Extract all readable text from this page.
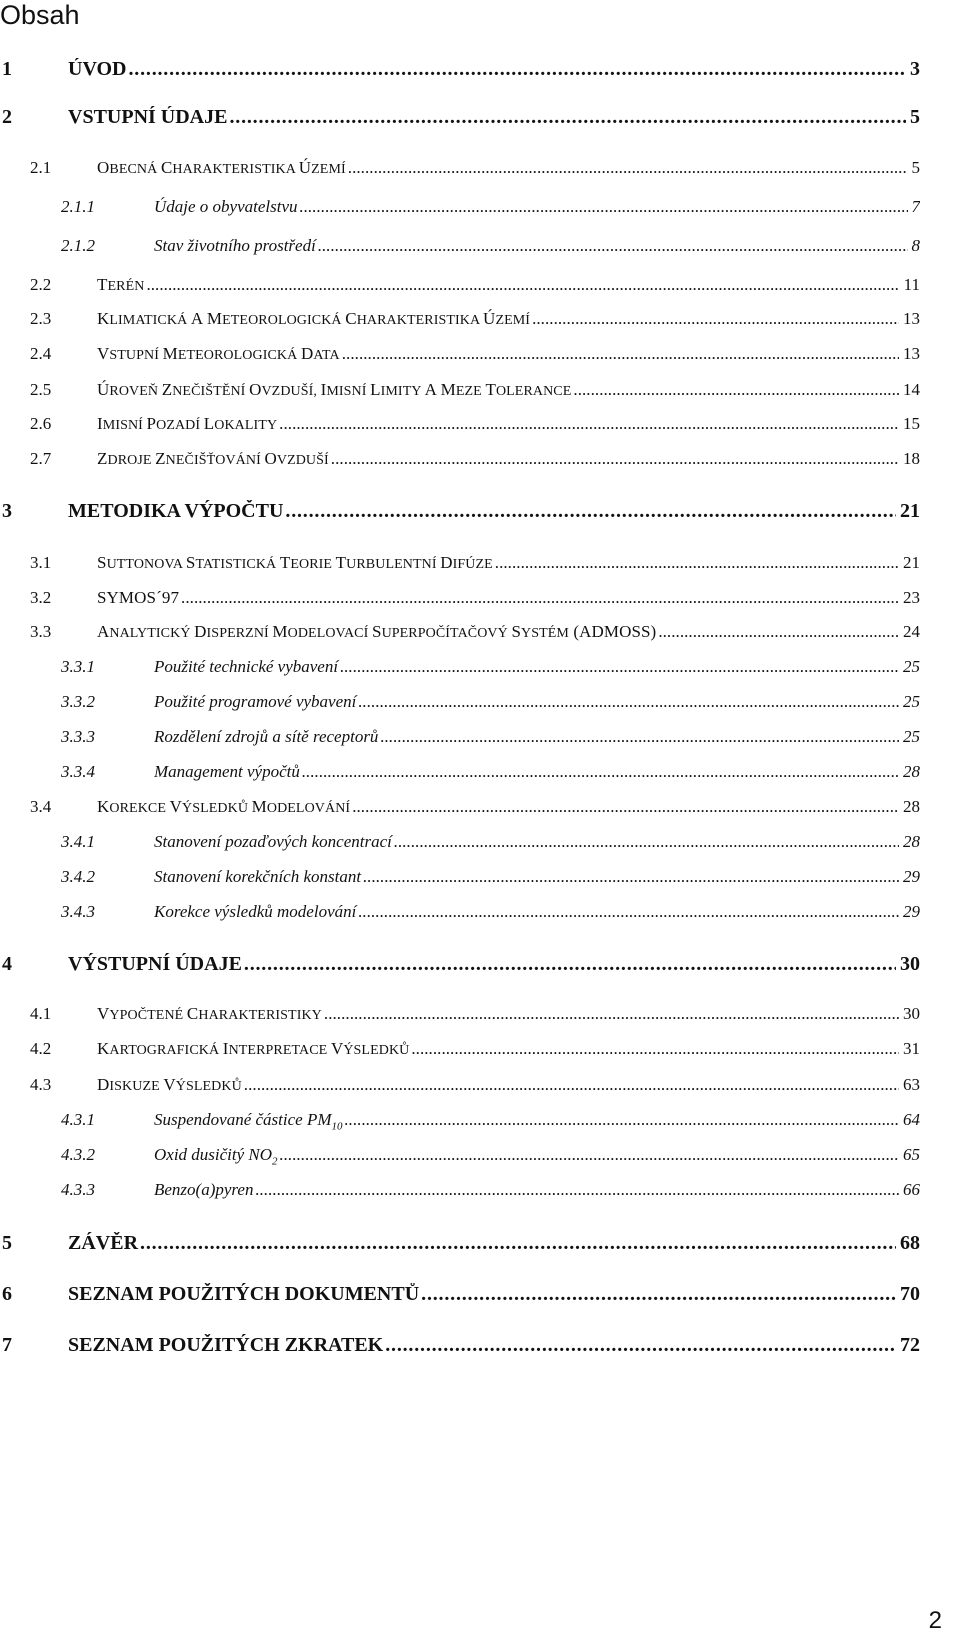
Obsah
1	ÚVOD . . .	3
2	VSTUPNÍ ÚDAJE . . .	5
2.1	OBECNÁ CHARAKTERISTIKA ÚZEMÍ . . .	5
2.1.1	Údaje o obyvatelstvu . . .	7
2.1.2	Stav životního prostředí . . .	8
2.2	TERÉN . . .	11
2.3	KLIMATICKÁ A METEOROLOGICKÁ CHARAKTERISTIKA ÚZEMÍ . . .	13
2.4	VSTUPNÍ METEOROLOGICKÁ DATA . . .	13
2.5	ÚROVEŇ ZNEČIŠTĚNÍ OVZDUŠÍ, IMISNÍ LIMITY A MEZE TOLERANCE . . .	14
2.6	IMISNÍ POZADÍ LOKALITY . . .	15
2.7	ZDROJE ZNEČIŠŤOVÁNÍ OVZDUŠÍ . . .	18
3	METODIKA VÝPOČTU . . .	21
3.1	SUTTONOVA STATISTICKÁ TEORIE TURBULENTNÍ DIFÚZE . . .	21
3.2	SYMOS´97 . . .	23
3.3	ANALYTICKÝ DISPERZNÍ MODELOVACÍ SUPERPOČÍTAČOVÝ SYSTÉM (ADMOSS) . . .	24
3.3.1	Použité technické vybavení . . .	25
3.3.2	Použité programové vybavení . . .	25
3.3.3	Rozdělení zdrojů a sítě receptorů . . .	25
3.3.4	Management výpočtů . . .	28
3.4	KOREKCE VÝSLEDKŮ MODELOVÁNÍ . . .	28
3.4.1	Stanovení pozaďových koncentrací . . .	28
3.4.2	Stanovení korekčních konstant . . .	29
3.4.3	Korekce výsledků modelování . . .	29
4	VÝSTUPNÍ ÚDAJE . . .	30
4.1	VYPOČTENÉ CHARAKTERISTIKY . . .	30
4.2	KARTOGRAFICKÁ INTERPRETACE VÝSLEDKŮ . . .	31
4.3	DISKUZE VÝSLEDKŮ . . .	63
4.3.1	Suspendované částice $PM_{10}$ . . .	64
4.3.2	Oxid dusičitý $NO_2$ . . .	65
4.3.3	Benzo(a)pyren . . .	66
5	ZÁVĚR . . .	68
6	SEZNAM POUŽITÝCH DOKUMENTŮ . . .	70
7	SEZNAM POUŽITÝCH ZKRATEK . . .	72
2
